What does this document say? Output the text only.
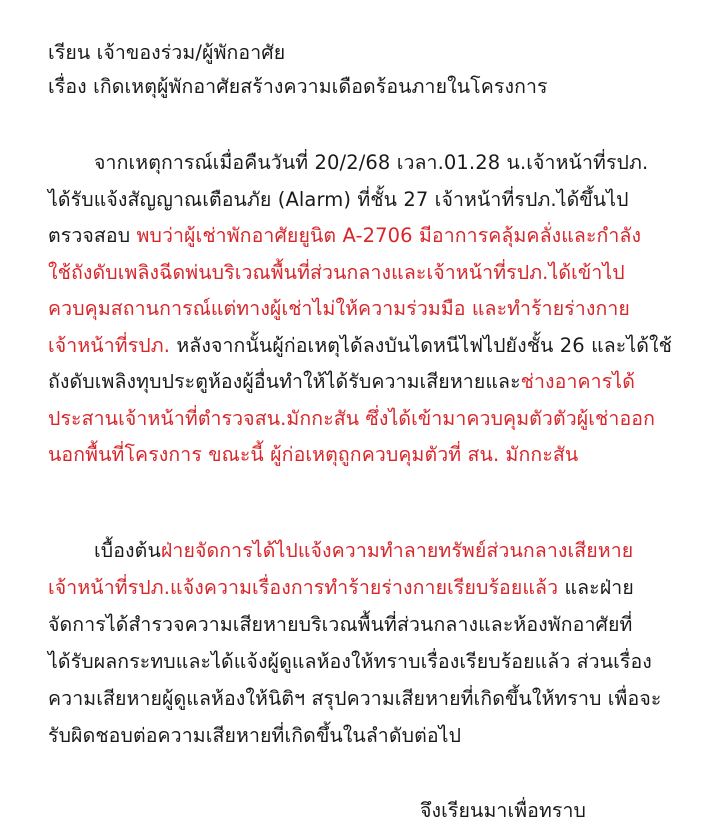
เรียน เจ้าของร่วม/ผู้พักอาศัย
เรื่อง เกิดเหตุผู้พักอาศัยสร้างความเดือดร้อนภายในโครงการ
จากเหตุการณ์เมื่อคืนวันที่ 20/2/68 เวลา.01.28 น.เจ้าหน้าที่รปภ.
ได้รับแจ้งสัญญาณเตือนภัย (Alarm) ที่ชั้น 27 เจ้าหน้าที่รปภ.ได้ขึ้นไป
ตรวจสอบ พบว่าผู้เช่าพักอาศัยยูนิต A-2706 มีอาการคลุ้มคลั่งและกำลัง
ใช้ถังดับเพลิงฉีดพ่นบริเวณพื้นที่ส่วนกลางและเจ้าหน้าที่รปภ.ได้เข้าไป
ควบคุมสถานการณ์แต่ทางผู้เช่าไม่ให้ความร่วมมือ และทำร้ายร่างกาย
เจ้าหน้าที่รปภ. หลังจากนั้นผู้ก่อเหตุได้ลงบันไดหนีไฟไปยังชั้น 26 และได้ใช้
ถังดับเพลิงทุบประตูห้องผู้อื่นทำให้ได้รับความเสียหายและช่างอาคารได้
ประสานเจ้าหน้าที่ตำรวจสน.มักกะสัน ซึ่งได้เข้ามาควบคุมตัวตัวผู้เช่าออก
นอกพื้นที่โครงการ ขณะนี้ ผู้ก่อเหตุถูกควบคุมตัวที่ สน. มักกะสัน
เบื้องต้นฝ่ายจัดการได้ไปแจ้งความทำลายทรัพย์ส่วนกลางเสียหาย
เจ้าหน้าที่รปภ.แจ้งความเรื่องการทำร้ายร่างกายเรียบร้อยแล้ว และฝ่าย
จัดการได้สำรวจความเสียหายบริเวณพื้นที่ส่วนกลางและห้องพักอาศัยที่
ได้รับผลกระทบและได้แจ้งผู้ดูแลห้องให้ทราบเรื่องเรียบร้อยแล้ว ส่วนเรื่อง
ความเสียหายผู้ดูแลห้องให้นิติฯ สรุปความเสียหายที่เกิดขึ้นให้ทราบ เพื่อจะ
รับผิดชอบต่อความเสียหายที่เกิดขึ้นในลำดับต่อไป
จึงเรียนมาเพื่อทราบ
